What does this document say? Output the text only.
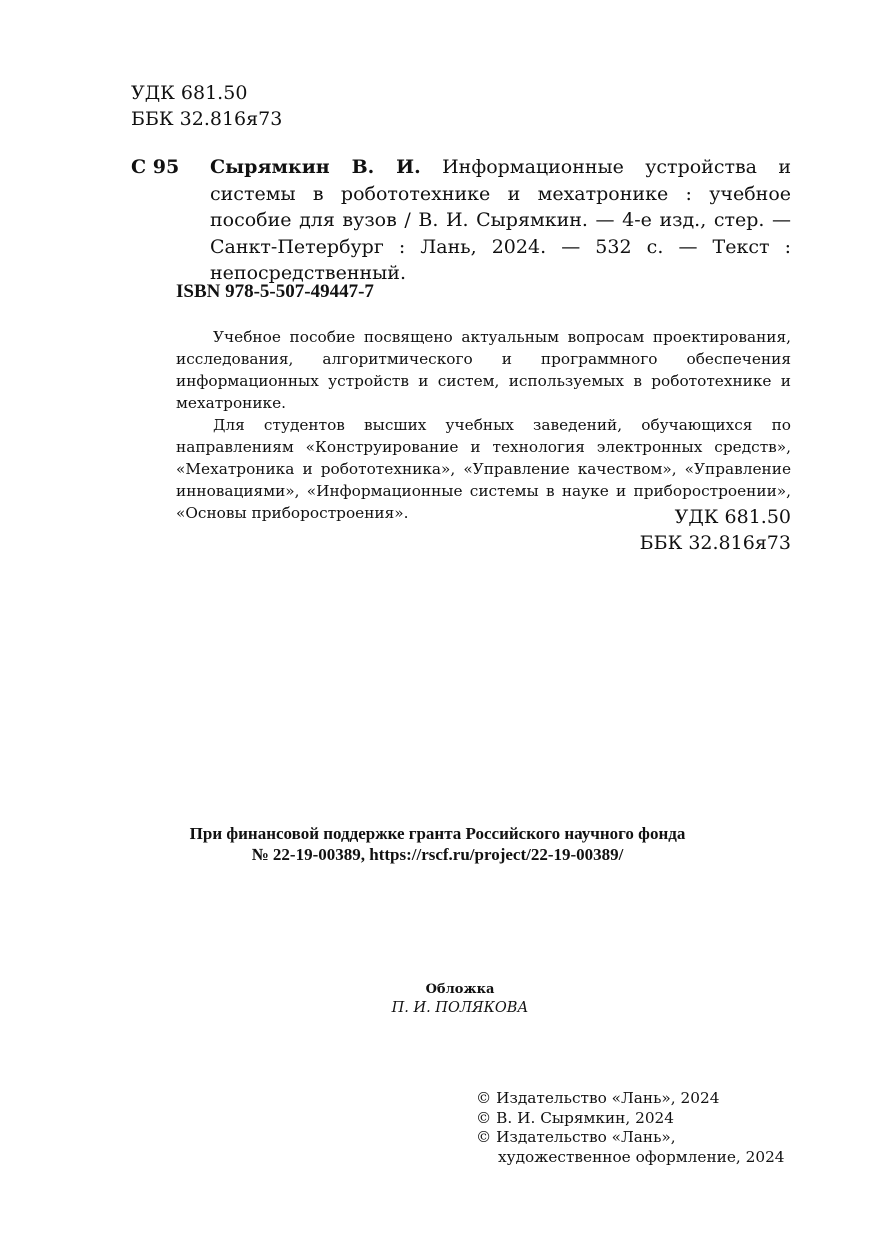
УДК 681.50
ББК 32.816я73
С 95 Сырямкин В. И. Информационные устройства и системы в робототехнике и мехатронике : учебное пособие для вузов / В. И. Сырямкин. — 4-е изд., стер. — Санкт-Петербург : Лань, 2024. — 532 с. — Текст : непосредственный.
ISBN 978-5-507-49447-7

Учебное пособие посвящено актуальным вопросам проектирования, исследования, алгоритмического и программного обеспечения информационных устройств и систем, используемых в робототехнике и мехатронике.

Для студентов высших учебных заведений, обучающихся по направлениям «Конструирование и технология электронных средств», «Мехатроника и робототехника», «Управление качеством», «Управление инновациями», «Информационные системы в науке и приборостроении», «Основы приборостроения».	УДК 681.50
ББК 32.816я73
При финансовой поддержке гранта Российского научного фонда
№ 22-19-00389, https://rscf.ru/project/22-19-00389/
Обложка
П. И. ПОЛЯКОВА
© Издательство «Лань», 2024
© В. И. Сырямкин, 2024
© Издательство «Лань»,
художественное оформление, 2024
